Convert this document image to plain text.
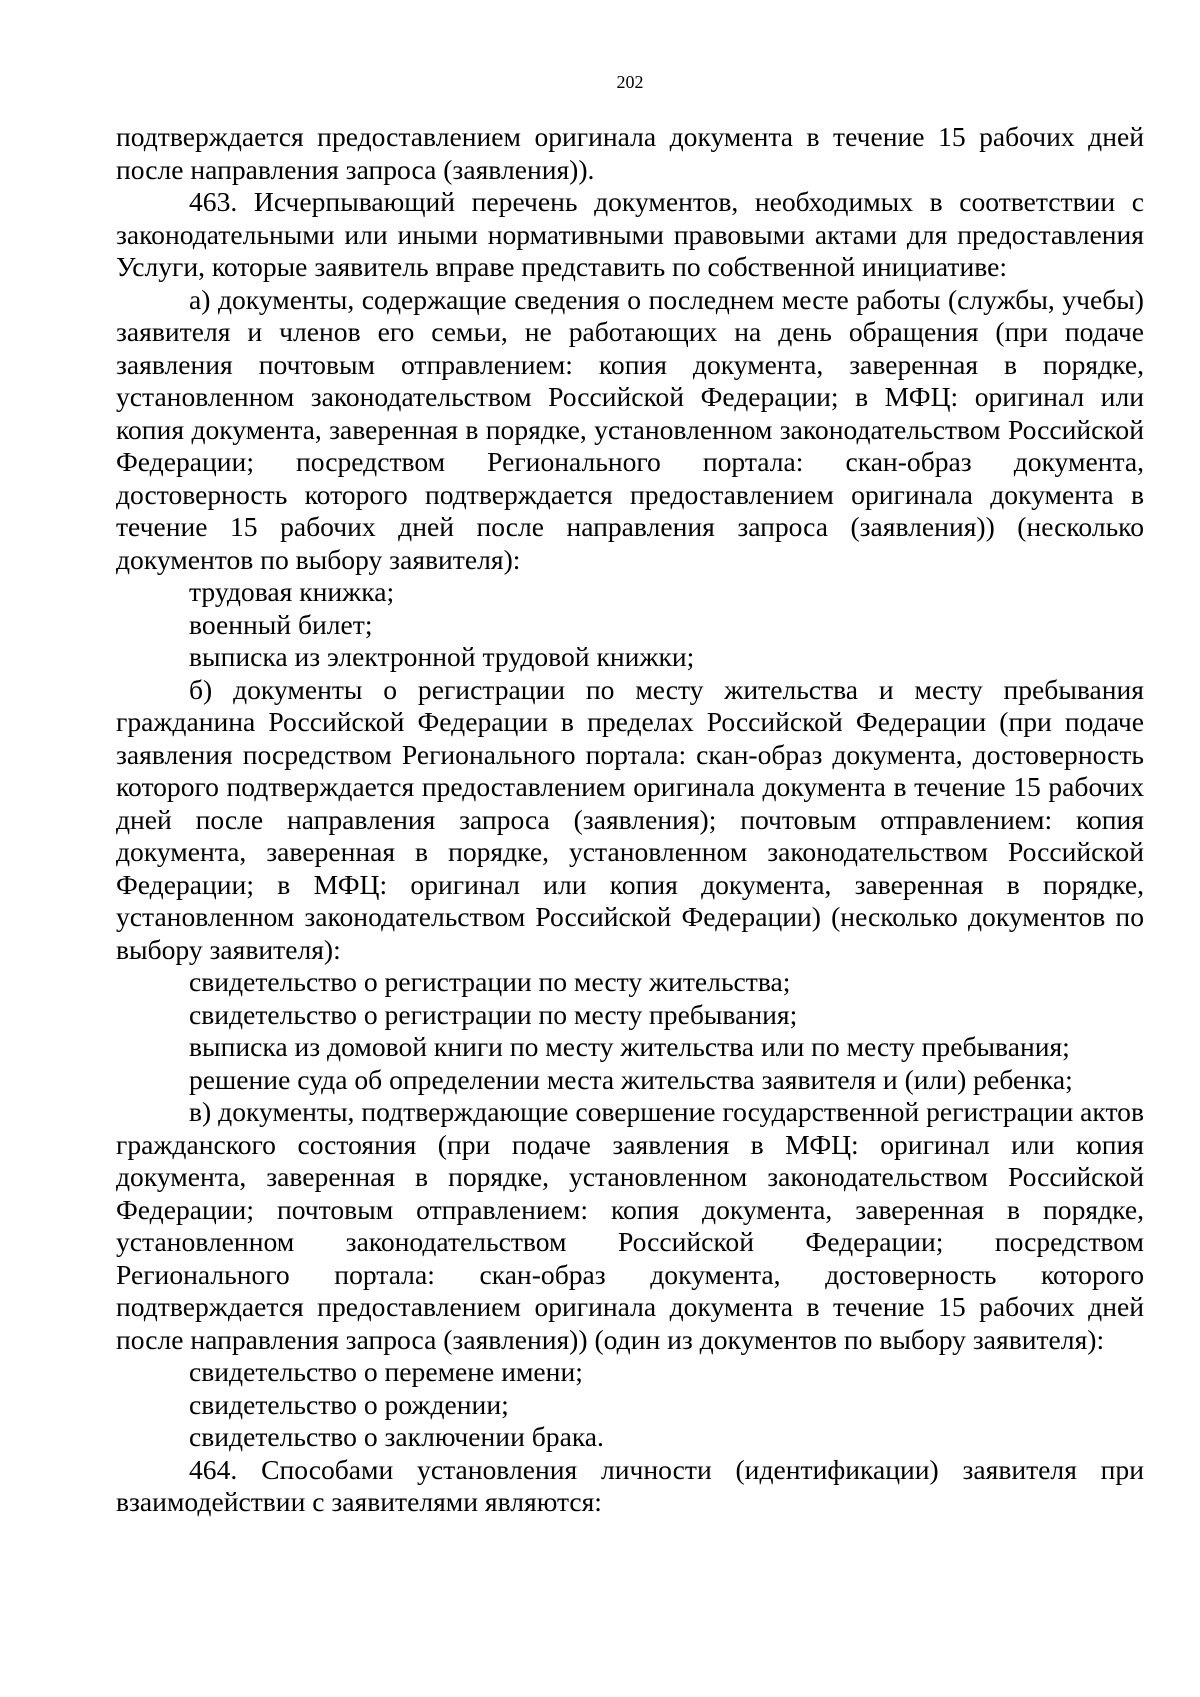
202

подтверждается предоставлением оригинала документа в течение 15 рабочих дней после направления запроса (заявления)).

463. Исчерпывающий перечень документов, необходимых в соответствии с законодательными или иными нормативными правовыми актами для предоставления Услуги, которые заявитель вправе представить по собственной инициативе:

а) документы, содержащие сведения о последнем месте работы (службы, учебы) заявителя и членов его семьи, не работающих на день обращения (при подаче заявления почтовым отправлением: копия документа, заверенная в порядке, установленном законодательством Российской Федерации; в МФЦ: оригинал или копия документа, заверенная в порядке, установленном законодательством Российской Федерации; посредством Регионального портала: скан-образ документа, достоверность которого подтверждается предоставлением оригинала документа в течение 15 рабочих дней после направления запроса (заявления)) (несколько документов по выбору заявителя):

трудовая книжка;

военный билет;

выписка из электронной трудовой книжки;

б) документы о регистрации по месту жительства и месту пребывания гражданина Российской Федерации в пределах Российской Федерации (при подаче заявления посредством Регионального портала: скан-образ документа, достоверность которого подтверждается предоставлением оригинала документа в течение 15 рабочих дней после направления запроса (заявления); почтовым отправлением: копия документа, заверенная в порядке, установленном законодательством Российской Федерации; в МФЦ: оригинал или копия документа, заверенная в порядке, установленном законодательством Российской Федерации) (несколько документов по выбору заявителя):

свидетельство о регистрации по месту жительства;

свидетельство о регистрации по месту пребывания;

выписка из домовой книги по месту жительства или по месту пребывания;

решение суда об определении места жительства заявителя и (или) ребенка;

в) документы, подтверждающие совершение государственной регистрации актов гражданского состояния (при подаче заявления в МФЦ: оригинал или копия документа, заверенная в порядке, установленном законодательством Российской Федерации; почтовым отправлением: копия документа, заверенная в порядке, установленном законодательством Российской Федерации; посредством Регионального портала: скан-образ документа, достоверность которого подтверждается предоставлением оригинала документа в течение 15 рабочих дней после направления запроса (заявления)) (один из документов по выбору заявителя):

свидетельство о перемене имени;

свидетельство о рождении;

свидетельство о заключении брака.

464. Способами установления личности (идентификации) заявителя при взаимодействии с заявителями являются:
